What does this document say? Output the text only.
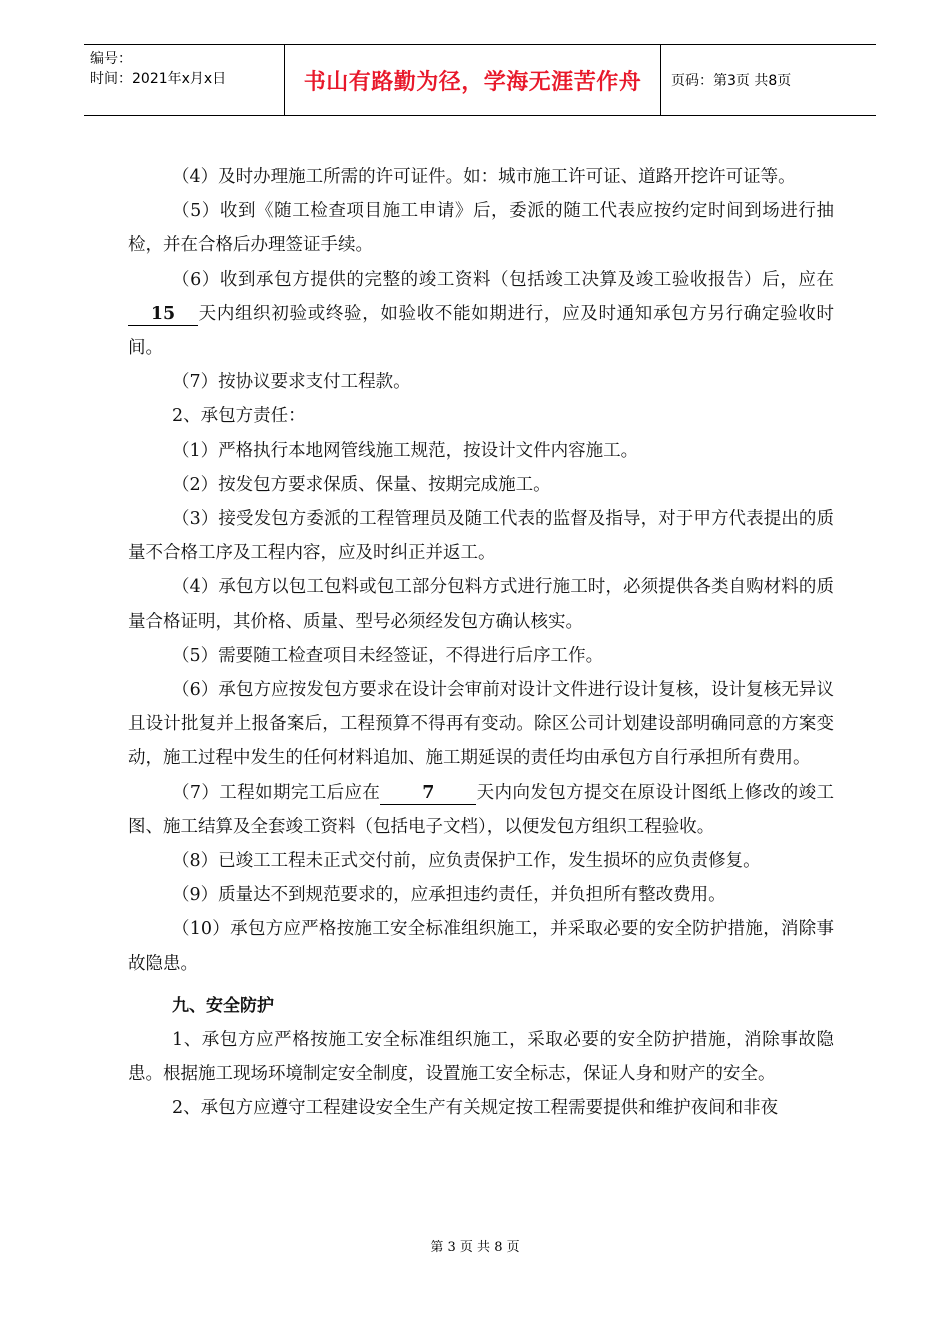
编号：
时间：2021年x月x日	书山有路勤为径，学海无涯苦作舟	页码：第3页 共8页

（4）及时办理施工所需的许可证件。如：城市施工许可证、道路开挖许可证等。

（5）收到《随工检查项目施工申请》后，委派的随工代表应按约定时间到场进行抽检，并在合格后办理签证手续。

（6）收到承包方提供的完整的竣工资料（包括竣工决算及竣工验收报告）后，应在15 天内组织初验或终验，如验收不能如期进行，应及时通知承包方另行确定验收时间。

（7）按协议要求支付工程款。

2、承包方责任：

（1）严格执行本地网管线施工规范，按设计文件内容施工。

（2）按发包方要求保质、保量、按期完成施工。

（3）接受发包方委派的工程管理员及随工代表的监督及指导，对于甲方代表提出的质量不合格工序及工程内容，应及时纠正并返工。

（4）承包方以包工包料或包工部分包料方式进行施工时，必须提供各类自购材料的质量合格证明，其价格、质量、型号必须经发包方确认核实。

（5）需要随工检查项目未经签证，不得进行后序工作。

（6）承包方应按发包方要求在设计会审前对设计文件进行设计复核，设计复核无异议且设计批复并上报备案后，工程预算不得再有变动。除区公司计划建设部明确同意的方案变动，施工过程中发生的任何材料追加、施工期延误的责任均由承包方自行承担所有费用。

（7）工程如期完工后应在 7 天内向发包方提交在原设计图纸上修改的竣工图、施工结算及全套竣工资料（包括电子文档），以便发包方组织工程验收。

（8）已竣工工程未正式交付前，应负责保护工作，发生损坏的应负责修复。

（9）质量达不到规范要求的，应承担违约责任，并负担所有整改费用。

（10）承包方应严格按施工安全标准组织施工，并采取必要的安全防护措施，消除事故隐患。

九、安全防护

1、承包方应严格按施工安全标准组织施工，采取必要的安全防护措施，消除事故隐患。根据施工现场环境制定安全制度，设置施工安全标志，保证人身和财产的安全。

2、承包方应遵守工程建设安全生产有关规定按工程需要提供和维护夜间和非夜

第 3 页 共 8 页
